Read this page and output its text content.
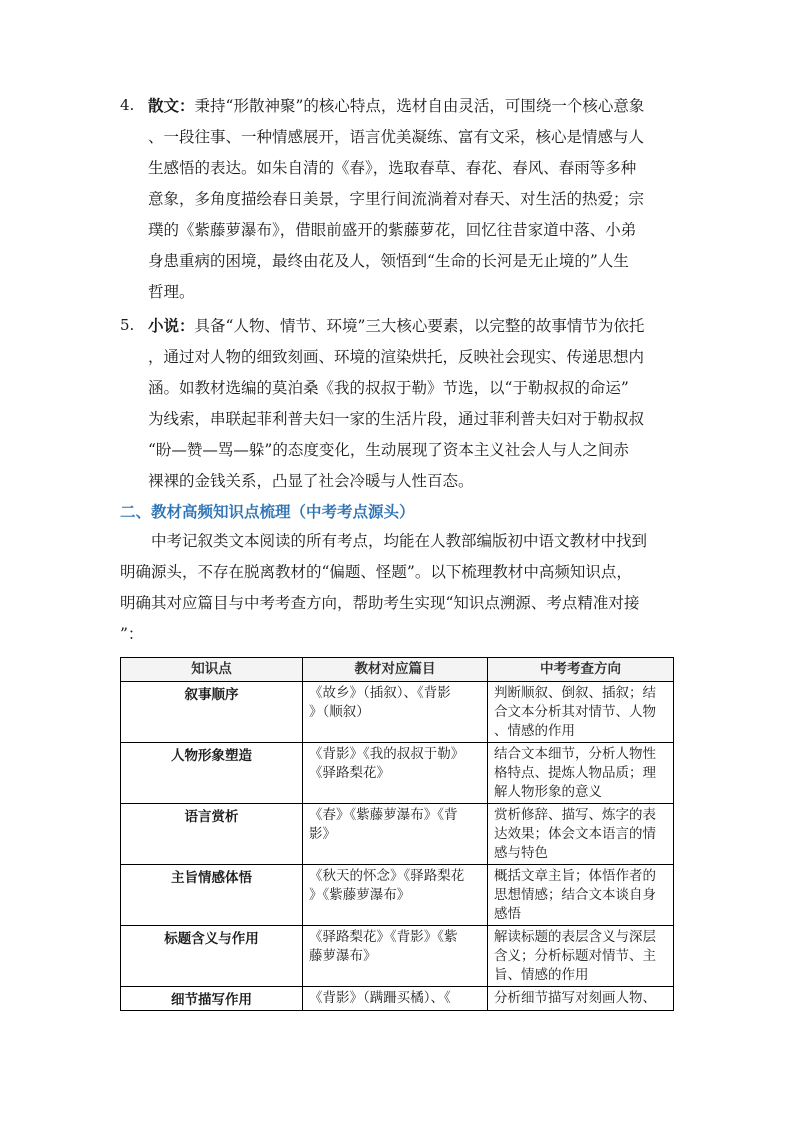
4. 散文：秉持“形散神聚”的核心特点，选材自由灵活，可围绕一个核心意象
、一段往事、一种情感展开，语言优美凝练、富有文采，核心是情感与人
生感悟的表达。如朱自清的《春》，选取春草、春花、春风、春雨等多种
意象，多角度描绘春日美景，字里行间流淌着对春天、对生活的热爱；宗
璞的《紫藤萝瀑布》，借眼前盛开的紫藤萝花，回忆往昔家道中落、小弟
身患重病的困境，最终由花及人，领悟到“生命的长河是无止境的”人生
哲理。
5. 小说：具备“人物、情节、环境”三大核心要素，以完整的故事情节为依托
，通过对人物的细致刻画、环境的渲染烘托，反映社会现实、传递思想内
涵。如教材选编的莫泊桑《我的叔叔于勒》节选，以“于勒叔叔的命运”
为线索，串联起菲利普夫妇一家的生活片段，通过菲利普夫妇对于勒叔叔
“盼—赞—骂—躲”的态度变化，生动展现了资本主义社会人与人之间赤
裸裸的金钱关系，凸显了社会冷暖与人性百态。
二、教材高频知识点梳理（中考考点源头）
中考记叙类文本阅读的所有考点，均能在人教部编版初中语文教材中找到
明确源头，不存在脱离教材的“偏题、怪题”。以下梳理教材中高频知识点，
明确其对应篇目与中考考查方向，帮助考生实现“知识点溯源、考点精准对接
”：
知识点	教材对应篇目	中考考查方向
叙事顺序	《故乡》（插叙）、《背影
》（顺叙）	判断顺叙、倒叙、插叙；结
合文本分析其对情节、人物
、情感的作用

人物形象塑造	《背影》《我的叔叔于勒》
《驿路梨花》	结合文本细节，分析人物性
格特点、提炼人物品质；理
解人物形象的意义

语言赏析	《春》《紫藤萝瀑布》《背
影》	赏析修辞、描写、炼字的表
达效果；体会文本语言的情
感与特色

主旨情感体悟	《秋天的怀念》《驿路梨花
》《紫藤萝瀑布》	概括文章主旨；体悟作者的
思想情感；结合文本谈自身
感悟

标题含义与作用	《驿路梨花》《背影》《紫
藤萝瀑布》	解读标题的表层含义与深层
含义；分析标题对情节、主
旨、情感的作用

细节描写作用	《背影》（蹒跚买橘）、《	分析细节描写对刻画人物、
